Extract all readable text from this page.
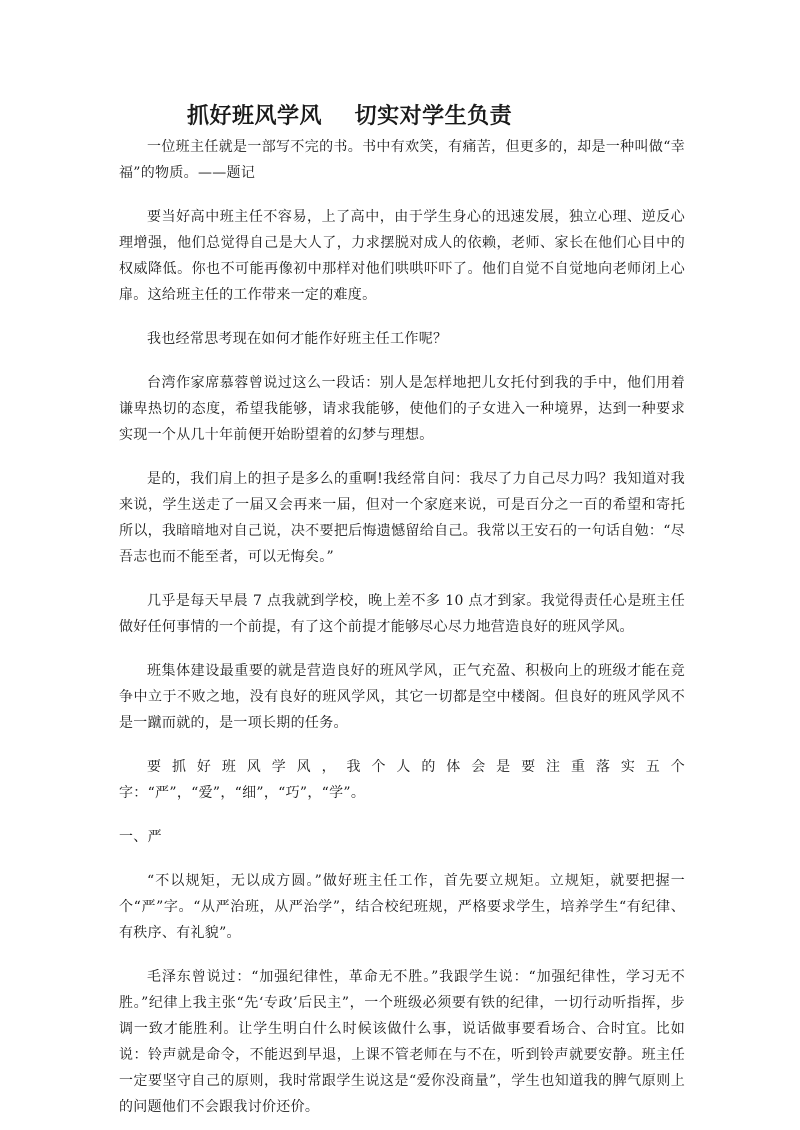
抓好班风学风    切实对学生负责

一位班主任就是一部写不完的书。书中有欢笑，有痛苦，但更多的，却是一种叫做“幸福”的物质。——题记

要当好高中班主任不容易，上了高中，由于学生身心的迅速发展，独立心理、逆反心理增强，他们总觉得自己是大人了，力求摆脱对成人的依赖，老师、家长在他们心目中的权威降低。你也不可能再像初中那样对他们哄哄吓吓了。他们自觉不自觉地向老师闭上心扉。这给班主任的工作带来一定的难度。

我也经常思考现在如何才能作好班主任工作呢？

台湾作家席慕蓉曾说过这么一段话：别人是怎样地把儿女托付到我的手中，他们用着谦卑热切的态度，希望我能够，请求我能够，使他们的子女进入一种境界，达到一种要求实现一个从几十年前便开始盼望着的幻梦与理想。

是的，我们肩上的担子是多么的重啊!我经常自问：我尽了力自己尽力吗？我知道对我来说，学生送走了一届又会再来一届，但对一个家庭来说，可是百分之一百的希望和寄托所以，我暗暗地对自己说，决不要把后悔遗憾留给自己。我常以王安石的一句话自勉：“尽吾志也而不能至者，可以无悔矣。”

几乎是每天早晨 7 点我就到学校，晚上差不多 10 点才到家。我觉得责任心是班主任做好任何事情的一个前提，有了这个前提才能够尽心尽力地营造良好的班风学风。

班集体建设最重要的就是营造良好的班风学风，正气充盈、积极向上的班级才能在竞争中立于不败之地，没有良好的班风学风，其它一切都是空中楼阁。但良好的班风学风不是一蹴而就的，是一项长期的任务。

要抓好班风学风，我个人的体会是要注重落实五个字：“严”，“爱”，“细”，“巧”，“学”。

一、严

“不以规矩，无以成方圆。”做好班主任工作，首先要立规矩。立规矩，就要把握一个“严”字。“从严治班，从严治学”，结合校纪班规，严格要求学生，培养学生“有纪律、有秩序、有礼貌”。

毛泽东曾说过：“加强纪律性，革命无不胜。”我跟学生说：“加强纪律性，学习无不胜。”纪律上我主张“先‘专政’后民主”，一个班级必须要有铁的纪律，一切行动听指挥，步调一致才能胜利。让学生明白什么时候该做什么事，说话做事要看场合、合时宜。比如说：铃声就是命令，不能迟到早退，上课不管老师在与不在，听到铃声就要安静。班主任一定要坚守自己的原则，我时常跟学生说这是“爱你没商量”，学生也知道我的脾气原则上的问题他们不会跟我讨价还价。
